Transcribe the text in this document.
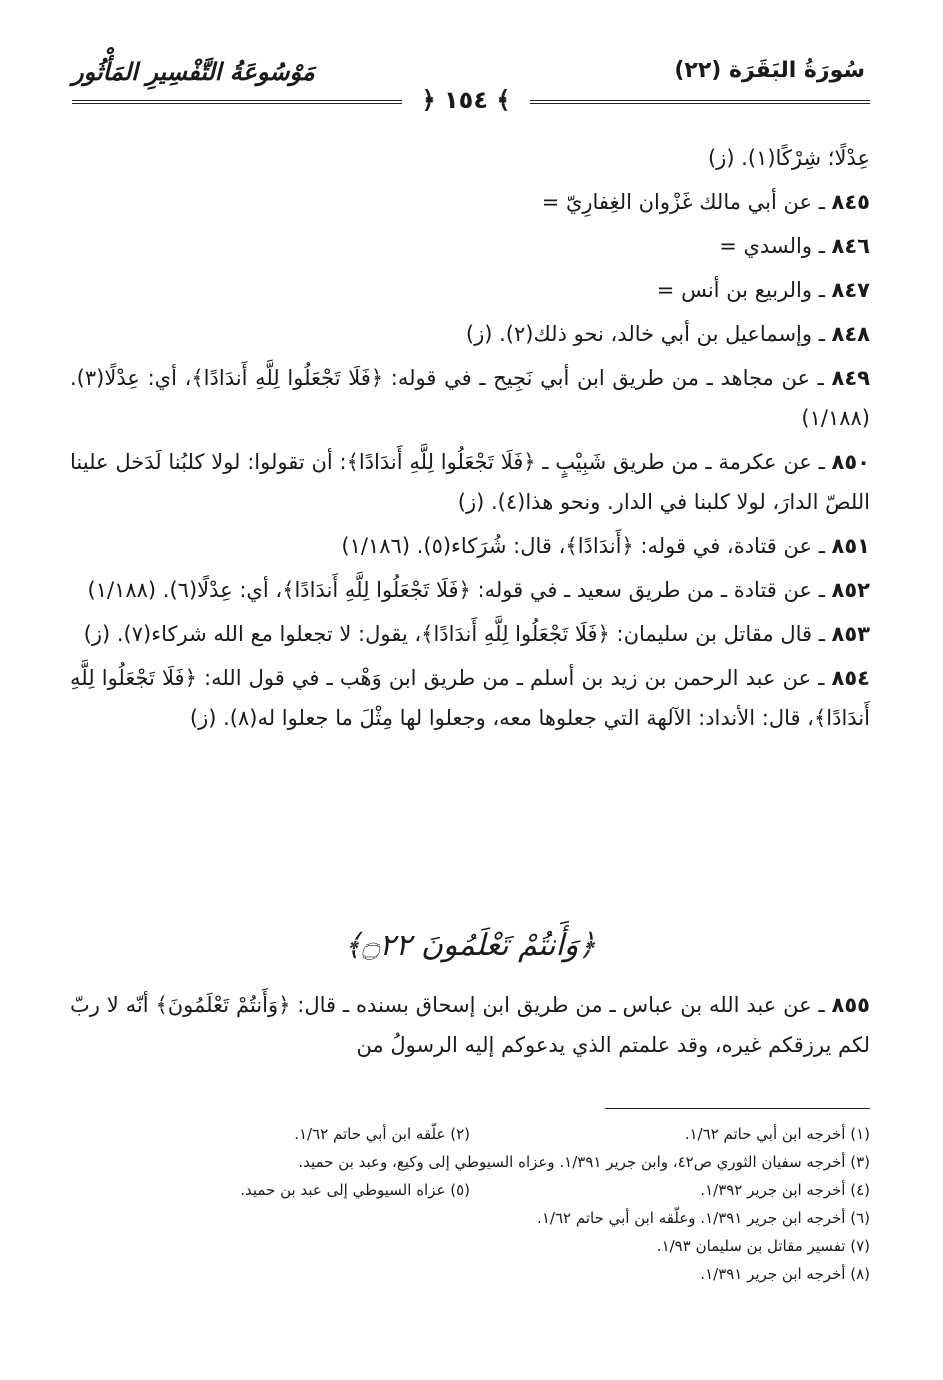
سُورَةُ البَقَرَة (٢٢)
مَوْسُوعَةُ التَّفْسِيرِ المَأْثُور
﴿ ١٥٤ ﴾

عِدْلًا؛ شِرْكًا(١). (ز)

٨٤٥ ـ عن أبي مالك غَزْوان الغِفارِيّ =

٨٤٦ ـ والسدي =

٨٤٧ ـ والربيع بن أنس =

٨٤٨ ـ وإسماعيل بن أبي خالد، نحو ذلك(٢). (ز)

٨٤٩ ـ عن مجاهد ـ من طريق ابن أبي نَجِيح ـ في قوله: ﴿فَلَا تَجْعَلُوا لِلَّهِ أَندَادًا﴾، أي: عِدْلًا(٣). (١/١٨٨)

٨٥٠ ـ عن عكرمة ـ من طريق شَبِيْبٍ ـ ﴿فَلَا تَجْعَلُوا لِلَّهِ أَندَادًا﴾: أن تقولوا: لولا كلبُنا لَدَخل علينا اللصّ الدارَ، لولا كلبنا في الدار. ونحو هذا(٤). (ز)

٨٥١ ـ عن قتادة، في قوله: ﴿أَندَادًا﴾، قال: شُرَكاء(٥). (١/١٨٦)

٨٥٢ ـ عن قتادة ـ من طريق سعيد ـ في قوله: ﴿فَلَا تَجْعَلُوا لِلَّهِ أَندَادًا﴾، أي: عِدْلًا(٦). (١/١٨٨)

٨٥٣ ـ قال مقاتل بن سليمان: ﴿فَلَا تَجْعَلُوا لِلَّهِ أَندَادًا﴾، يقول: لا تجعلوا مع الله شركاء(٧). (ز)

٨٥٤ ـ عن عبد الرحمن بن زيد بن أسلم ـ من طريق ابن وَهْب ـ في قول الله: ﴿فَلَا تَجْعَلُوا لِلَّهِ أَندَادًا﴾، قال: الأنداد: الآلهة التي جعلوها معه، وجعلوا لها مِثْلَ ما جعلوا له(٨). (ز)

﴿وَأَنتُمْ تَعْلَمُونَ ۝٢٢﴾
٨٥٥ ـ عن عبد الله بن عباس ـ من طريق ابن إسحاق بسنده ـ قال: ﴿وَأَنتُمْ تَعْلَمُونَ﴾ أنّه لا ربّ لكم يرزقكم غيره، وقد علمتم الذي يدعوكم إليه الرسولُ من
(١) أخرجه ابن أبي حاتم ١/٦٢.
(٢) علّقه ابن أبي حاتم ١/٦٢.
(٣) أخرجه سفيان الثوري ص٤٢، وابن جرير ١/٣٩١. وعزاه السيوطي إلى وكيع، وعبد بن حميد.
(٤) أخرجه ابن جرير ١/٣٩٢.
(٥) عزاه السيوطي إلى عبد بن حميد.
(٦) أخرجه ابن جرير ١/٣٩١. وعلّقه ابن أبي حاتم ١/٦٢.
(٧) تفسير مقاتل بن سليمان ١/٩٣.
(٨) أخرجه ابن جرير ١/٣٩١.
